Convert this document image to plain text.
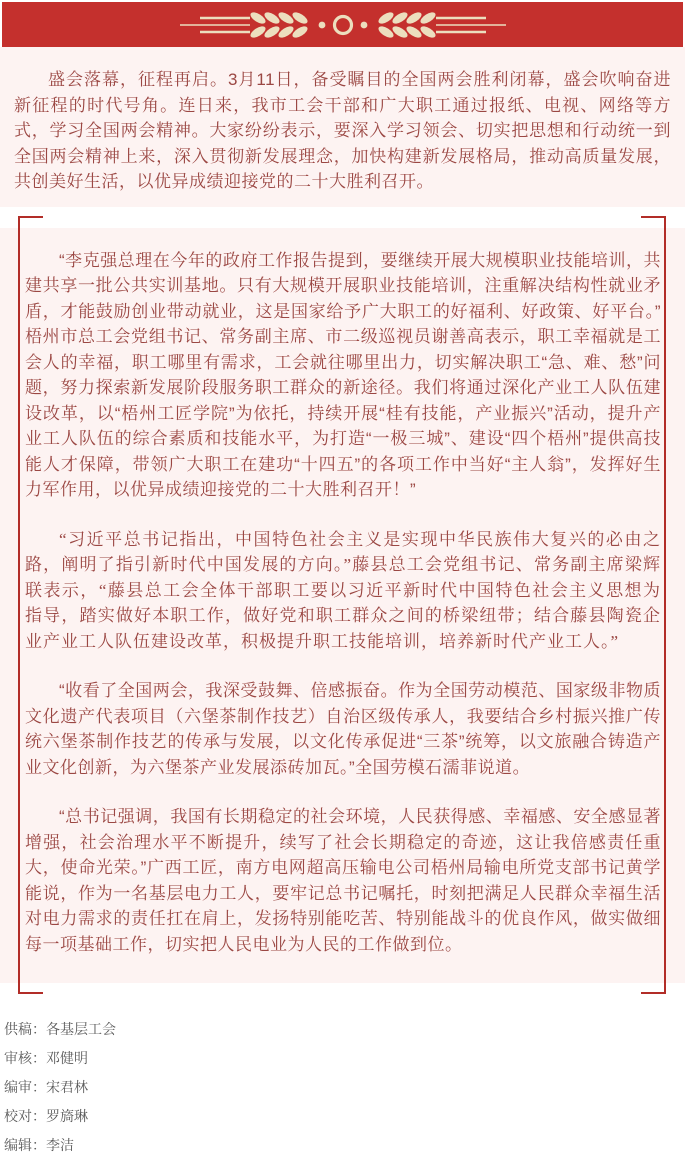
盛会落幕，征程再启。3月11日，备受瞩目的全国两会胜利闭幕，盛会吹响奋进新征程的时代号角。连日来，我市工会干部和广大职工通过报纸、电视、网络等方式，学习全国两会精神。大家纷纷表示，要深入学习领会、切实把思想和行动统一到全国两会精神上来，深入贯彻新发展理念，加快构建新发展格局，推动高质量发展，共创美好生活，以优异成绩迎接党的二十大胜利召开。

“李克强总理在今年的政府工作报告提到，要继续开展大规模职业技能培训，共建共享一批公共实训基地。只有大规模开展职业技能培训，注重解决结构性就业矛盾，才能鼓励创业带动就业，这是国家给予广大职工的好福利、好政策、好平台。”梧州市总工会党组书记、常务副主席、市二级巡视员谢善高表示，职工幸福就是工会人的幸福，职工哪里有需求，工会就往哪里出力，切实解决职工“急、难、愁”问题，努力探索新发展阶段服务职工群众的新途径。我们将通过深化产业工人队伍建设改革，以“梧州工匠学院”为依托，持续开展“桂有技能，产业振兴”活动，提升产业工人队伍的综合素质和技能水平，为打造“一极三城”、建设“四个梧州”提供高技能人才保障，带领广大职工在建功“十四五”的各项工作中当好“主人翁”，发挥好生力军作用，以优异成绩迎接党的二十大胜利召开！”

“习近平总书记指出，中国特色社会主义是实现中华民族伟大复兴的必由之路，阐明了指引新时代中国发展的方向。”藤县总工会党组书记、常务副主席梁辉联表示，“藤县总工会全体干部职工要以习近平新时代中国特色社会主义思想为指导，踏实做好本职工作，做好党和职工群众之间的桥梁纽带；结合藤县陶瓷企业产业工人队伍建设改革，积极提升职工技能培训，培养新时代产业工人。”

“收看了全国两会，我深受鼓舞、倍感振奋。作为全国劳动模范、国家级非物质文化遗产代表项目（六堡茶制作技艺）自治区级传承人，我要结合乡村振兴推广传统六堡茶制作技艺的传承与发展，以文化传承促进“三茶”统筹，以文旅融合铸造产业文化创新，为六堡茶产业发展添砖加瓦。”全国劳模石濡菲说道。

“总书记强调，我国有长期稳定的社会环境，人民获得感、幸福感、安全感显著增强，社会治理水平不断提升，续写了社会长期稳定的奇迹，这让我倍感责任重大，使命光荣。”广西工匠，南方电网超高压输电公司梧州局输电所党支部书记黄学能说，作为一名基层电力工人，要牢记总书记嘱托，时刻把满足人民群众幸福生活对电力需求的责任扛在肩上，发扬特别能吃苦、特别能战斗的优良作风，做实做细每一项基础工作，切实把人民电业为人民的工作做到位。

供稿：各基层工会
审核：邓健明
编审：宋君林
校对：罗旖琳
编辑：李洁
